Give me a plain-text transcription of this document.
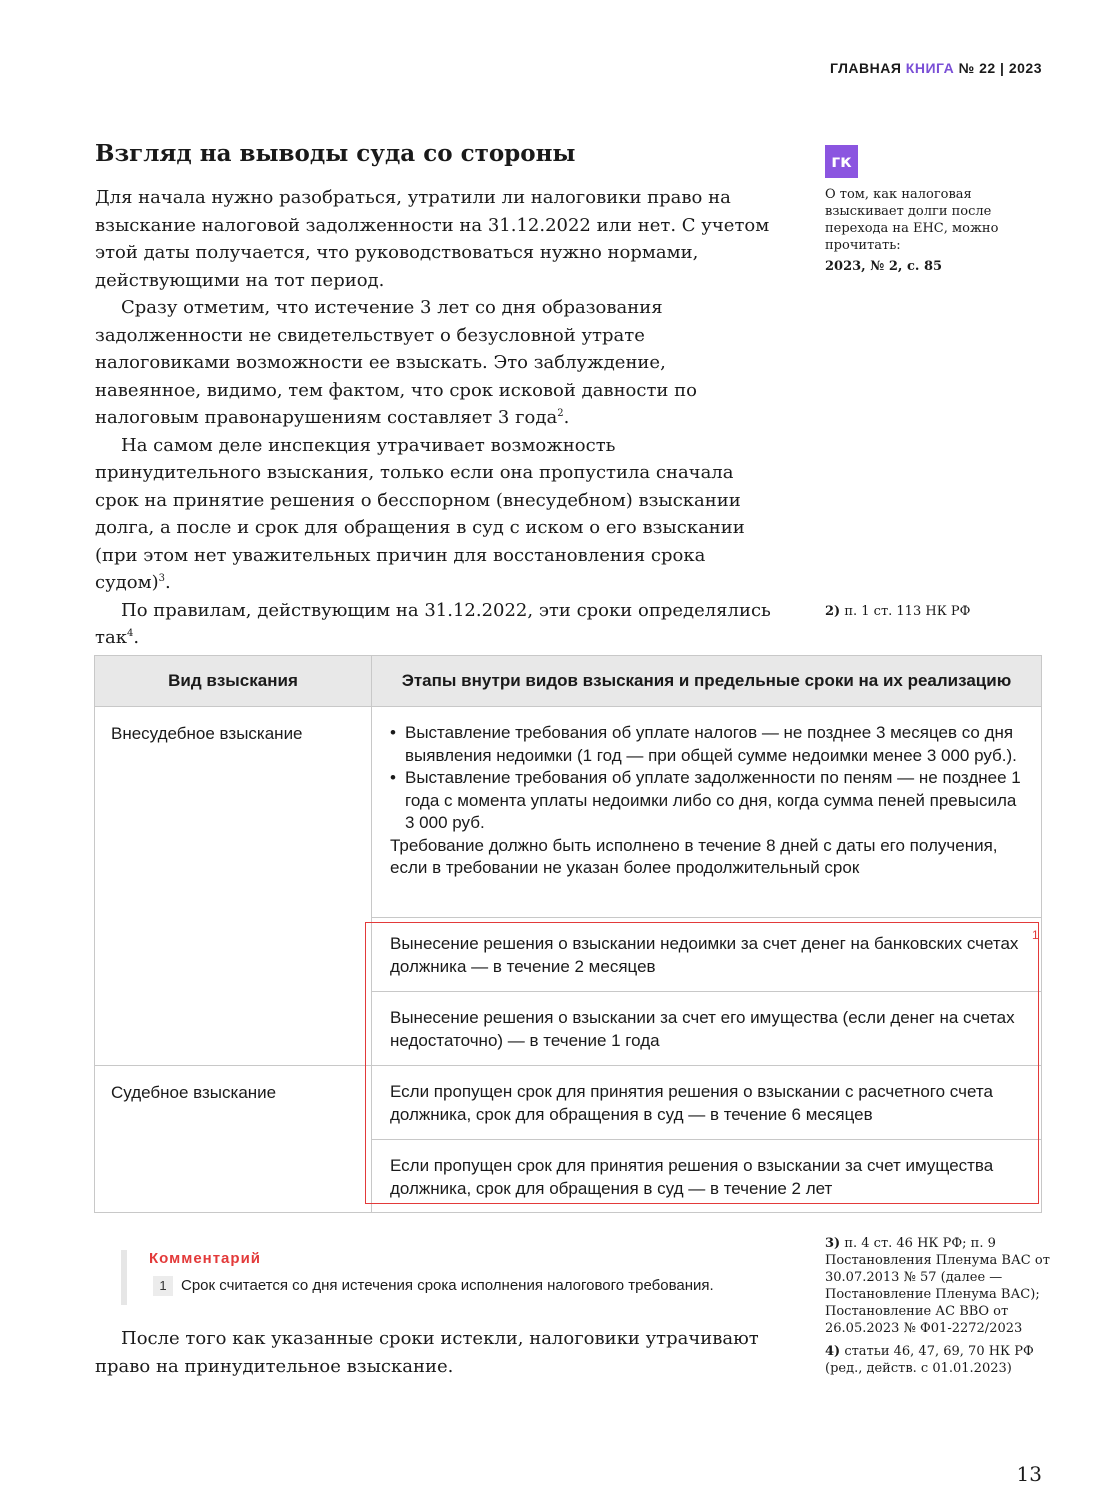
ГЛАВНАЯ КНИГА № 22 | 2023
Взгляд на выводы суда со стороны

Для начала нужно разобраться, утратили ли налоговики право на взыскание налоговой задолженности на 31.12.2022 или нет. С учетом этой даты получается, что руководствоваться нужно нормами, действующими на тот период.

Сразу отметим, что истечение 3 лет со дня образования задолженности не свидетельствует о безусловной утрате налоговиками возможности ее взыскать. Это заблуждение, навеянное, видимо, тем фактом, что срок исковой давности по налоговым правонарушениям составляет 3 года$^2$.

На самом деле инспекция утрачивает возможность принудительного взыскания, только если она пропустила сначала срок на принятие решения о бесспорном (внесудебном) взыскании долга, а после и срок для обращения в суд с иском о его взыскании (при этом нет уважительных причин для восстановления срока судом)$^3$.

По правилам, действующим на 31.12.2022, эти сроки определялись так$^4$.

гк
О том, как налоговая взыскивает долги после перехода на ЕНС, можно прочитать:
2023, № 2, с. 85
2) п. 1 ст. 113 НК РФ
Вид взыскания	Этапы внутри видов взыскания и предельные сроки на их реализацию
Внесудебное взыскание	• Выставление требования об уплате налогов — не позднее 3 месяцев со дня выявления недоимки (1 год — при общей сумме недоимки менее 3 000 руб.).
• Выставление требования об уплате задолженности по пеням — не позднее 1 года с момента уплаты недоимки либо со дня, когда сумма пеней превысила 3 000 руб.
Требование должно быть исполнено в течение 8 дней с даты его получения, если в требовании не указан более продолжительный срок

	Вынесение решения о взыскании недоимки за счет денег на банковских счетах должника — в течение 2 месяцев
	Вынесение решения о взыскании за счет его имущества (если денег на счетах недостаточно) — в течение 1 года
Судебное взыскание	Если пропущен срок для принятия решения о взыскании с расчетного счета должника, срок для обращения в суд — в течение 6 месяцев
	Если пропущен срок для принятия решения о взыскании за счет имущества должника, срок для обращения в суд — в течение 2 лет
1
Комментарий
1 Срок считается со дня истечения срока исполнения налогового требования.
3) п. 4 ст. 46 НК РФ; п. 9 Постановления Пленума ВАС от 30.07.2013 № 57 (далее — Постановление Пленума ВАС); Постановление АС ВВО от 26.05.2023 № Ф01-2272/2023
4) статьи 46, 47, 69, 70 НК РФ (ред., действ. с 01.01.2023)

После того как указанные сроки истекли, налоговики утрачивают право на принудительное взыскание.

13
